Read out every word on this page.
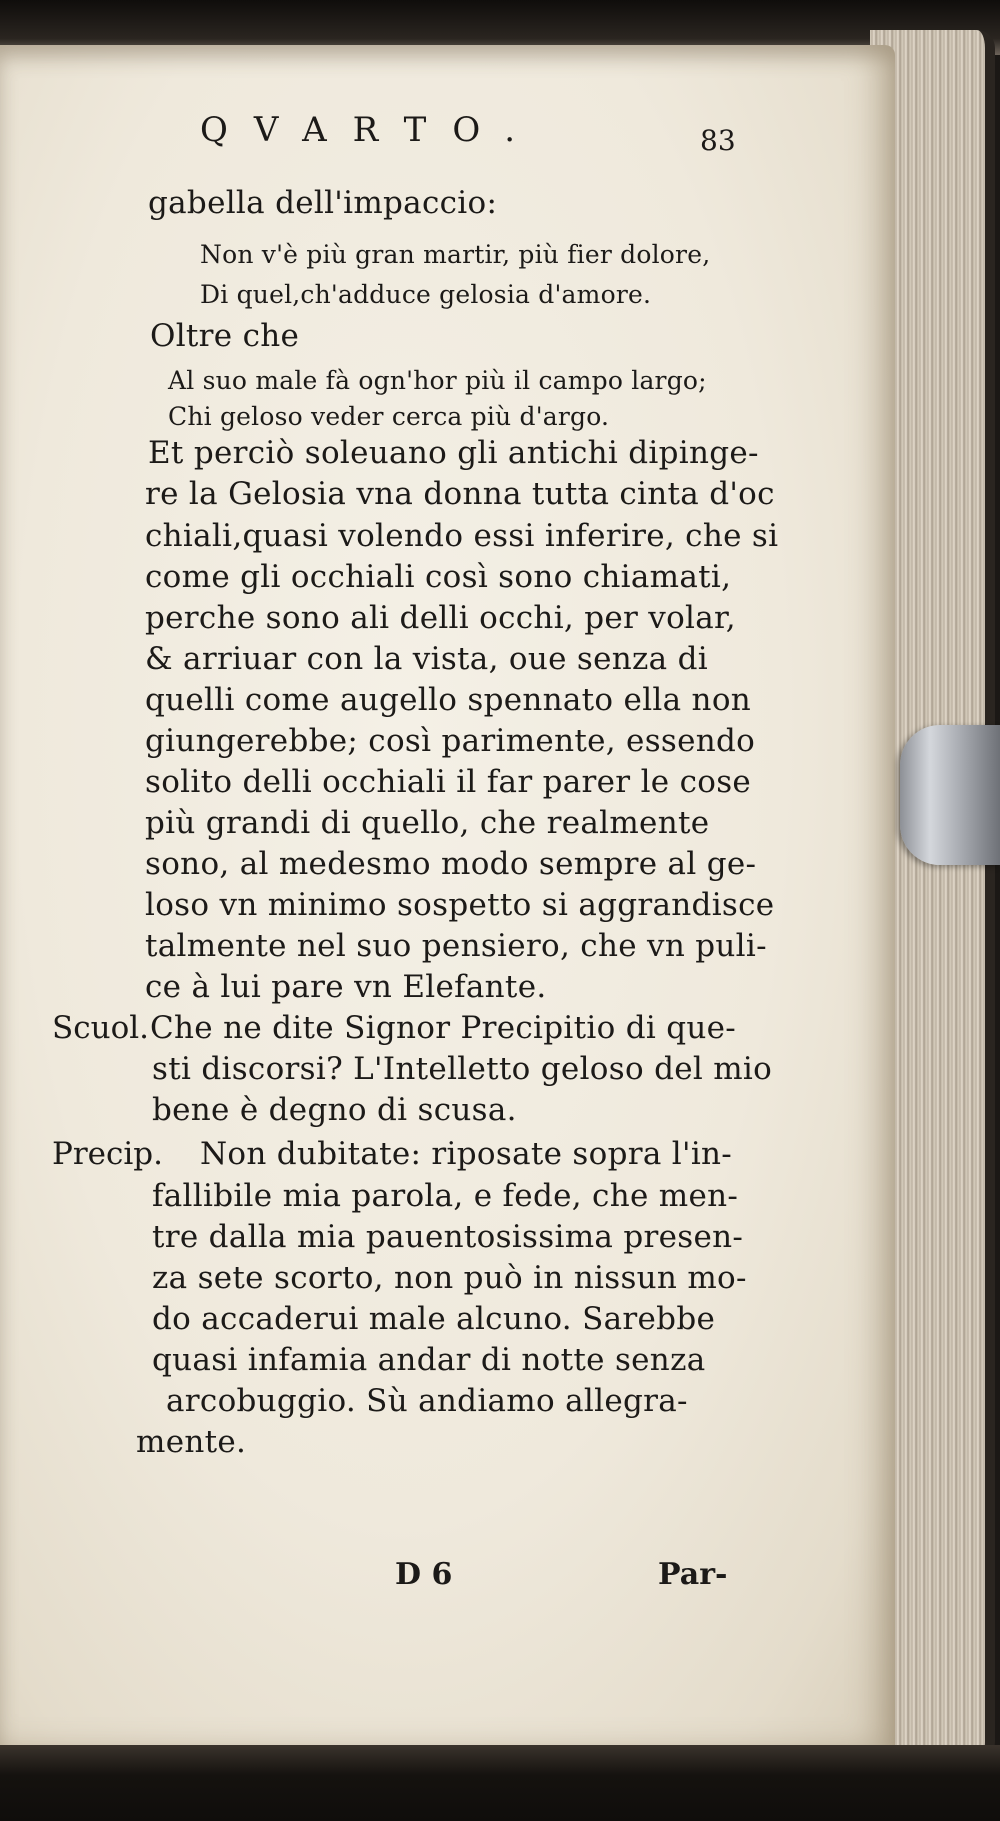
QVARTO.	83
gabella dell'impaccio:
Non v'è più gran martir, più fier dolore,
Di quel,ch'adduce gelosia d'amore.
Oltre che
Al suo male fà ogn'hor più il campo largo;
Chi geloso veder cerca più d'argo.
Et perciò soleuano gli antichi dipinge-
re la Gelosia vna donna tutta cinta d'oc
chiali,quasi volendo essi inferire, che si
come gli occhiali così sono chiamati,
perche sono ali delli occhi, per volar,
& arriuar con la vista, oue senza di
quelli come augello spennato ella non
giungerebbe; così parimente, essendo
solito delli occhiali il far parer le cose
più grandi di quello, che realmente
sono, al medesmo modo sempre al ge-
loso vn minimo sospetto si aggrandisce
talmente nel suo pensiero, che vn puli-
ce à lui pare vn Elefante.
Scuol. Che ne dite Signor Precipitio di que-
sti discorsi? L'Intelletto geloso del mio
bene è degno di scusa.
Precip. Non dubitate: riposate sopra l'in-
fallibile mia parola, e fede, che men-
tre dalla mia pauentosissima presen-
za sete scorto, non può in nissun mo-
do accaderui male alcuno. Sarebbe
quasi infamia andar di notte senza
arcobuggio. Sù andiamo allegra-
mente.
D 6	Par-
